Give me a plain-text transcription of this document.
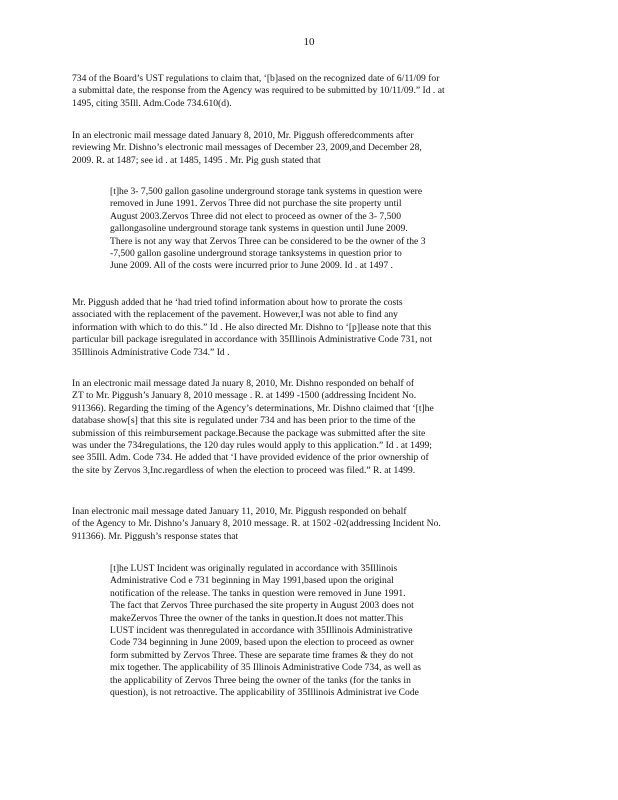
10
734 of the Board’s UST regulations to claim that, ‘[b]ased on the recognized date of 6/11/09 for
a submittal date, the response from the Agency was required to be submitted by 10/11/09.” Id . at
1495, citing 35Ill. Adm.Code 734.610(d).
In an electronic mail message dated January 8, 2010, Mr. Piggush offeredcomments after
reviewing Mr. Dishno’s electronic mail messages of December 23, 2009,and December 28,
2009. R. at 1487; see id . at 1485, 1495 . Mr. Pig gush stated that
[t]he 3- 7,500 gallon gasoline underground storage tank systems in question were
removed in June 1991. Zervos Three did not purchase the site property until
August 2003.Zervos Three did not elect to proceed as owner of the 3- 7,500
gallongasoline underground storage tank systems in question until June 2009.
There is not any way that Zervos Three can be considered to be the owner of the 3
-7,500 gallon gasoline underground storage tanksystems in question prior to
June 2009. All of the costs were incurred prior to June 2009. Id . at 1497 .
Mr. Piggush added that he ‘had tried tofind information about how to prorate the costs
associated with the replacement of the pavement. However,I was not able to find any
information with which to do this.” Id . He also directed Mr. Dishno to ‘[p]lease note that this
particular bill package isregulated in accordance with 35Illinois Administrative Code 731, not
35Illinois Administrative Code 734.” Id .
In an electronic mail message dated Ja nuary 8, 2010, Mr. Dishno responded on behalf of
ZT to Mr. Piggush’s January 8, 2010 message . R. at 1499 -1500 (addressing Incident No.
911366). Regarding the timing of the Agency’s determinations, Mr. Dishno claimed that ‘[t]he
database show[s] that this site is regulated under 734 and has been prior to the time of the
submission of this reimbursement package.Because the package was submitted after the site
was under the 734regulations, the 120 day rules would apply to this application.” Id . at 1499;
see 35Ill. Adm. Code 734. He added that ‘I have provided evidence of the prior ownership of
the site by Zervos 3,Inc.regardless of when the election to proceed was filed.” R. at 1499.
Inan electronic mail message dated January 11, 2010, Mr. Piggush responded on behalf
of the Agency to Mr. Dishno’s January 8, 2010 message. R. at 1502 -02(addressing Incident No.
911366). Mr. Piggush’s response states that
[t]he LUST Incident was originally regulated in accordance with 35Illinois
Administrative Cod e 731 beginning in May 1991,based upon the original
notification of the release. The tanks in question were removed in June 1991.
The fact that Zervos Three purchased the site property in August 2003 does not
makeZervos Three the owner of the tanks in question.It does not matter.This
LUST incident was thenregulated in accordance with 35Illinois Administrative
Code 734 beginning in June 2009, based upon the election to proceed as owner
form submitted by Zervos Three. These are separate time frames & they do not
mix together. The applicability of 35 Illinois Administrative Code 734, as well as
the applicability of Zervos Three being the owner of the tanks (for the tanks in
question), is not retroactive. The applicability of 35Illinois Administrat ive Code
